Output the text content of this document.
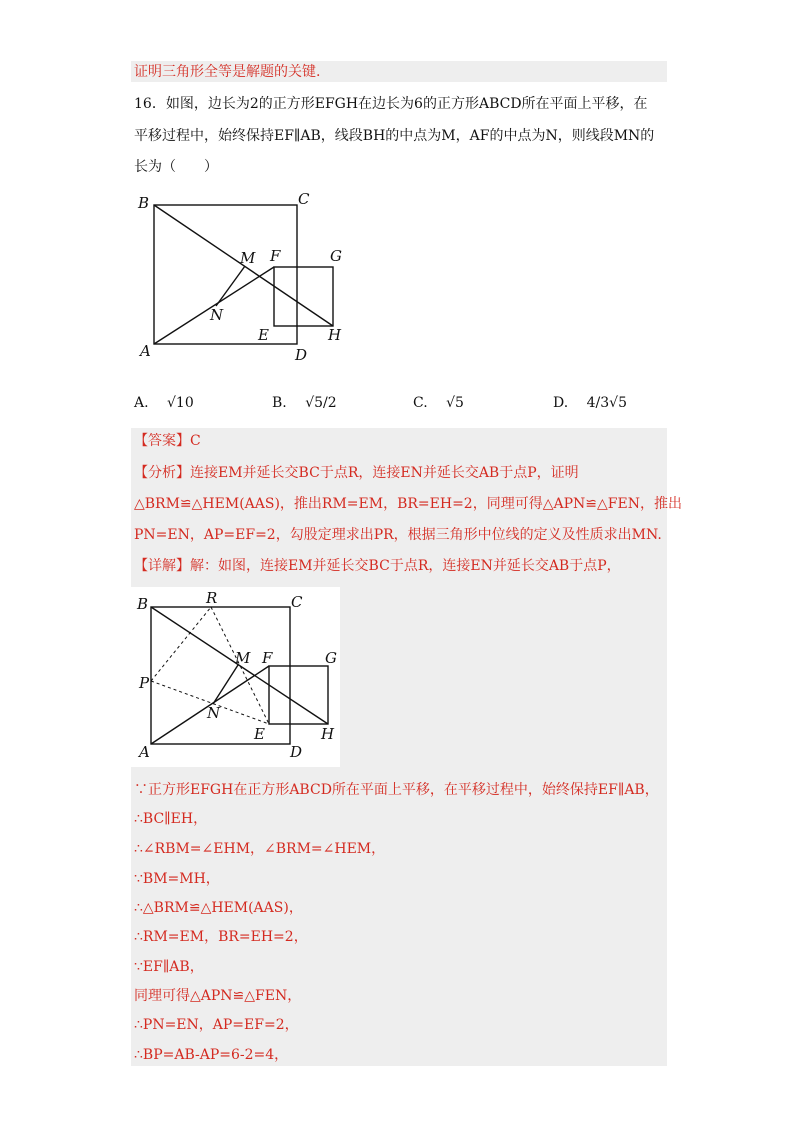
证明三角形全等是解题的关键.
16．如图，边长为2的正方形EFGH在边长为6的正方形ABCD所在平面上平移，在
平移过程中，始终保持EF∥AB，线段BH的中点为M，AF的中点为N，则线段MN的
长为（　　）
B	C
A	D
E
F	G
H
M
N
A. √10	B. √5/2	C. √5	D. 4/3√5
【答案】C
【分析】连接EM并延长交BC于点R，连接EN并延长交AB于点P，证明
△BRM≌△HEM(AAS)，推出RM=EM，BR=EH=2，同理可得△APN≌△FEN，推出
PN=EN，AP=EF=2，勾股定理求出PR，根据三角形中位线的定义及性质求出MN.
【详解】解：如图，连接EM并延长交BC于点R，连接EN并延长交AB于点P，
B	R	C
M F	G
P
N
A
E
D
H
∵正方形EFGH在正方形ABCD所在平面上平移，在平移过程中，始终保持EF∥AB，
∴BC∥EH，
∴∠RBM=∠EHM，∠BRM=∠HEM，
∵BM=MH，
∴△BRM≌△HEM(AAS)，
∴RM=EM，BR=EH=2，
∵EF∥AB，
同理可得△APN≌△FEN，
∴PN=EN，AP=EF=2，
∴BP=AB-AP=6-2=4，
